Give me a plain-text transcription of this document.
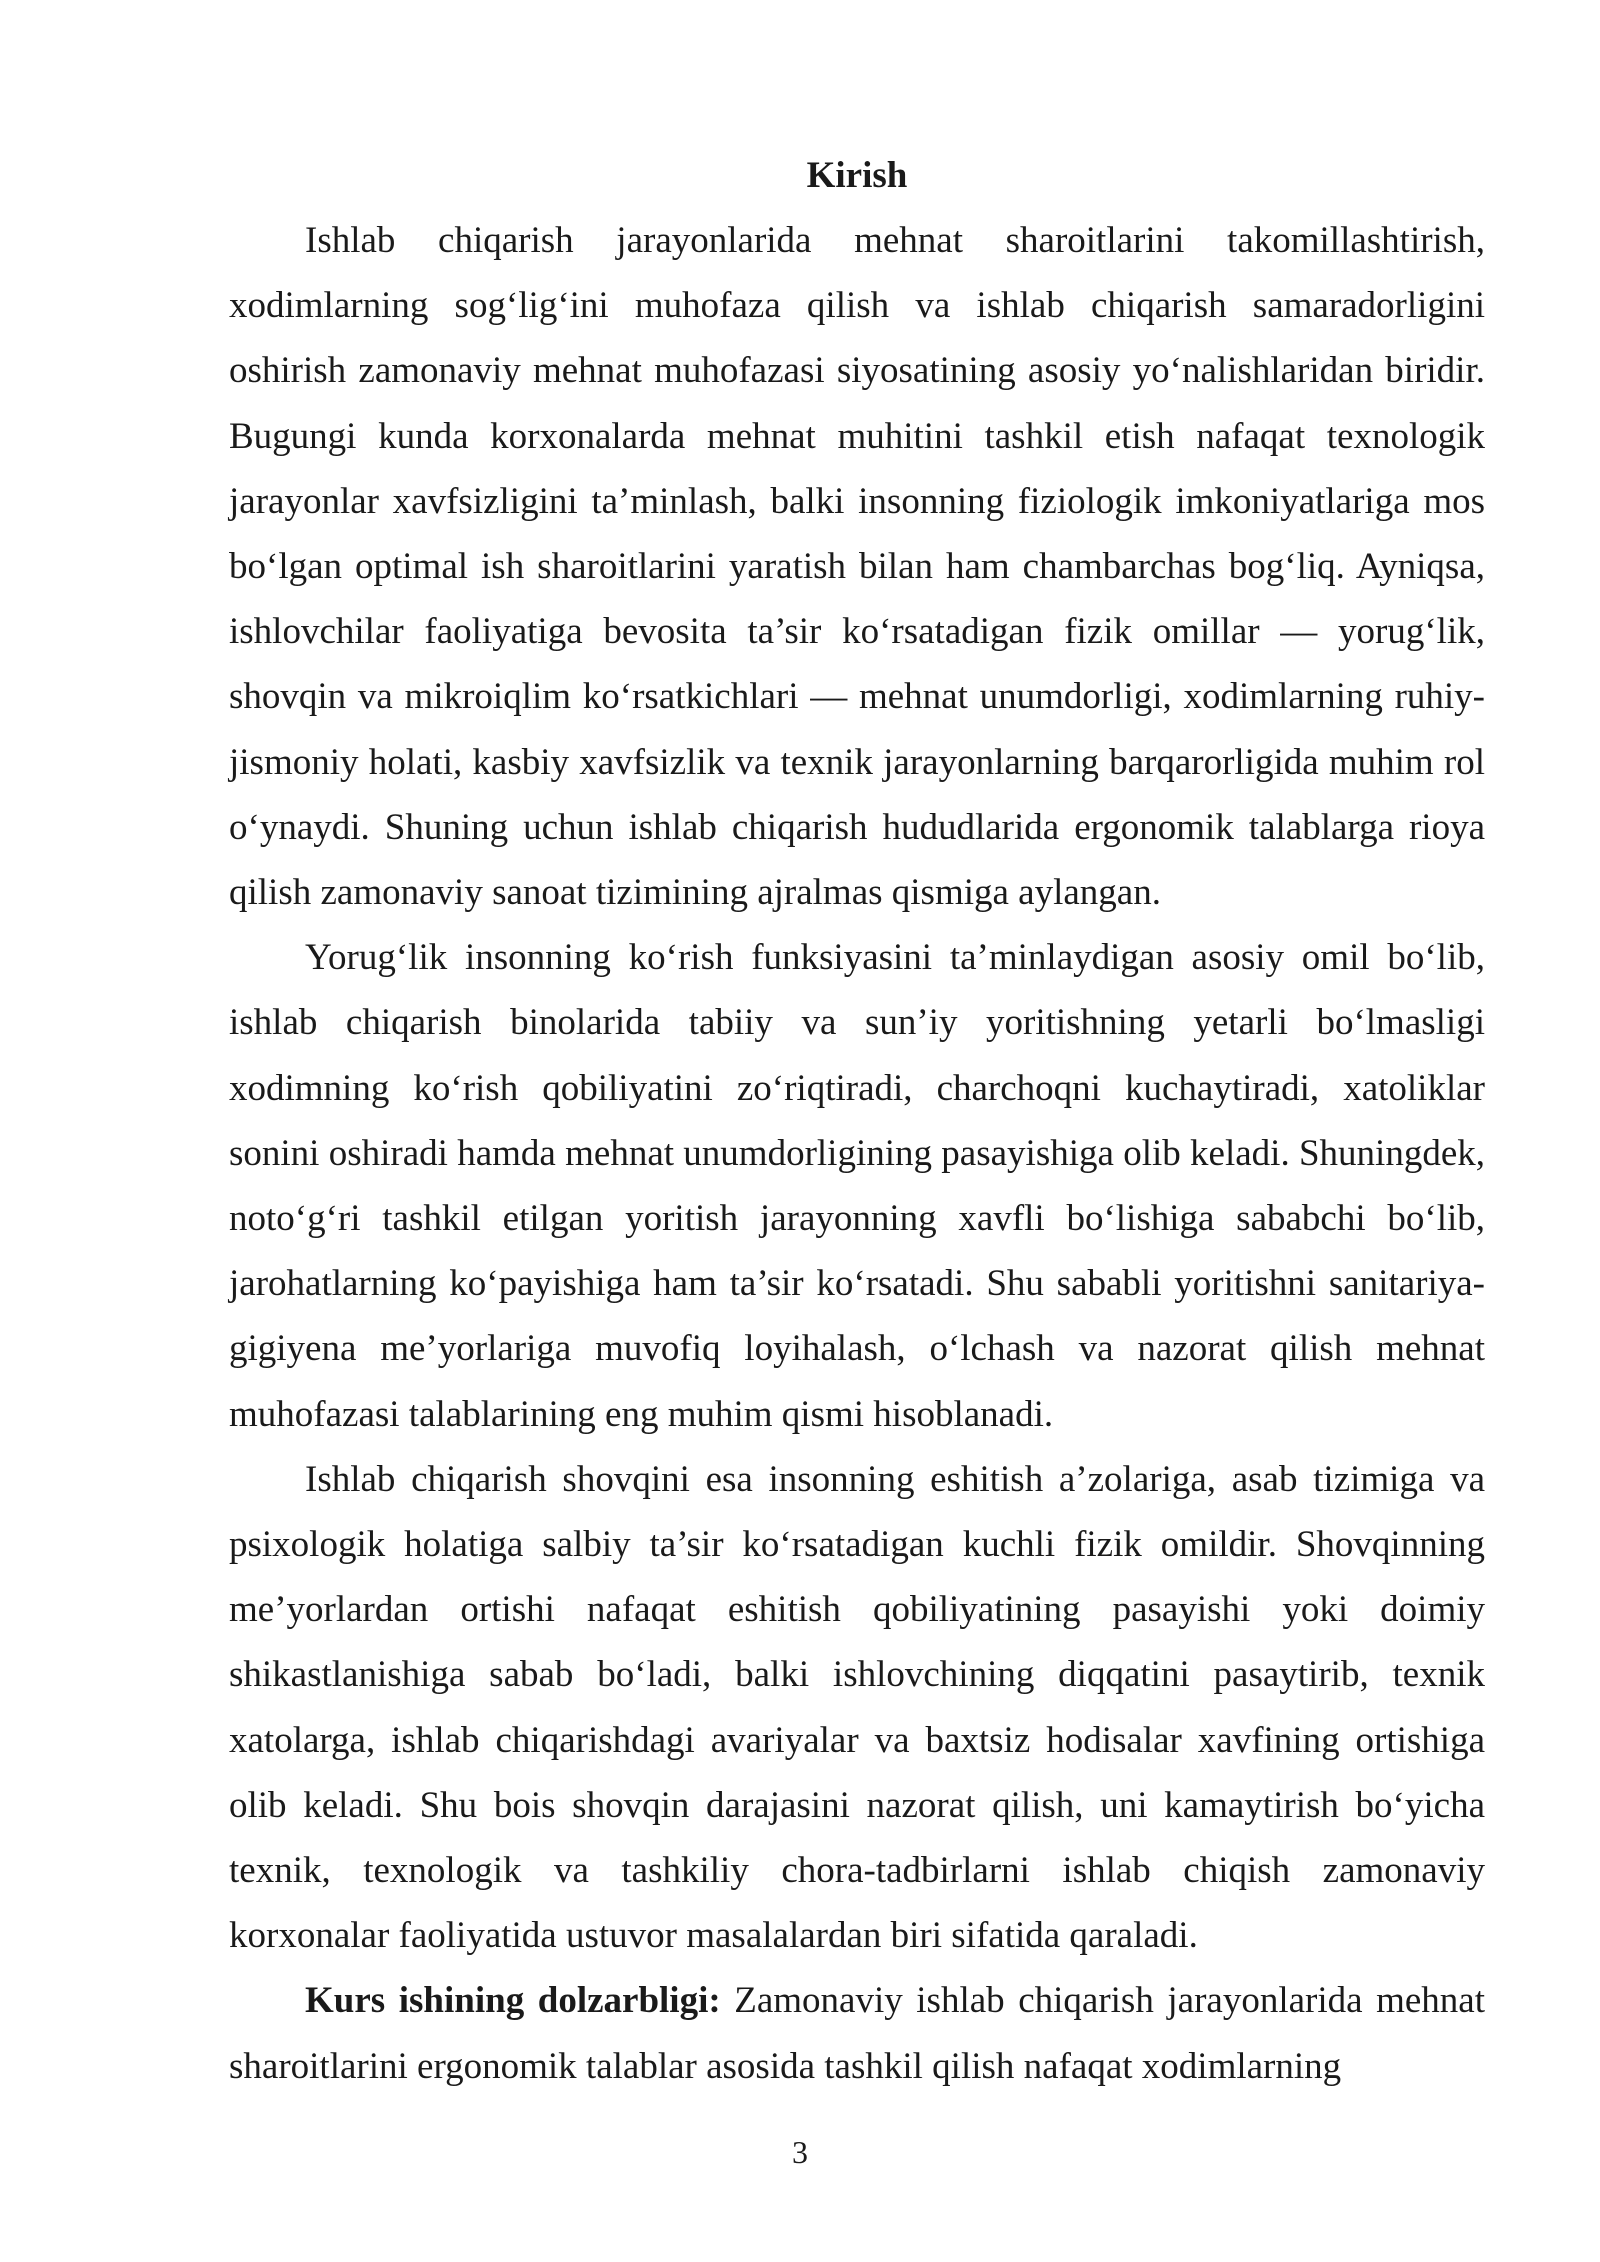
Kirish

Ishlab chiqarish jarayonlarida mehnat sharoitlarini takomillashtirish, xodimlarning sog‘lig‘ini muhofaza qilish va ishlab chiqarish samaradorligini oshirish zamonaviy mehnat muhofazasi siyosatining asosiy yo‘nalishlaridan biridir. Bugungi kunda korxonalarda mehnat muhitini tashkil etish nafaqat texnologik jarayonlar xavfsizligini ta’minlash, balki insonning fiziologik imkoniyatlariga mos bo‘lgan optimal ish sharoitlarini yaratish bilan ham chambarchas bog‘liq. Ayniqsa, ishlovchilar faoliyatiga bevosita ta’sir ko‘rsatadigan fizik omillar — yorug‘lik, shovqin va mikroiqlim ko‘rsatkichlari — mehnat unumdorligi, xodimlarning ruhiy-jismoniy holati, kasbiy xavfsizlik va texnik jarayonlarning barqarorligida muhim rol o‘ynaydi. Shuning uchun ishlab chiqarish hududlarida ergonomik talablarga rioya qilish zamonaviy sanoat tizimining ajralmas qismiga aylangan.

Yorug‘lik insonning ko‘rish funksiyasini ta’minlaydigan asosiy omil bo‘lib, ishlab chiqarish binolarida tabiiy va sun’iy yoritishning yetarli bo‘lmasligi xodimning ko‘rish qobiliyatini zo‘riqtiradi, charchoqni kuchaytiradi, xatoliklar sonini oshiradi hamda mehnat unumdorligining pasayishiga olib keladi. Shuningdek, noto‘g‘ri tashkil etilgan yoritish jarayonning xavfli bo‘lishiga sababchi bo‘lib, jarohatlarning ko‘payishiga ham ta’sir ko‘rsatadi. Shu sababli yoritishni sanitariya-gigiyena me’yorlariga muvofiq loyihalash, o‘lchash va nazorat qilish mehnat muhofazasi talablarining eng muhim qismi hisoblanadi.

Ishlab chiqarish shovqini esa insonning eshitish a’zolariga, asab tizimiga va psixologik holatiga salbiy ta’sir ko‘rsatadigan kuchli fizik omildir. Shovqinning me’yorlardan ortishi nafaqat eshitish qobiliyatining pasayishi yoki doimiy shikastlanishiga sabab bo‘ladi, balki ishlovchining diqqatini pasaytirib, texnik xatolarga, ishlab chiqarishdagi avariyalar va baxtsiz hodisalar xavfining ortishiga olib keladi. Shu bois shovqin darajasini nazorat qilish, uni kamaytirish bo‘yicha texnik, texnologik va tashkiliy chora-tadbirlarni ishlab chiqish zamonaviy korxonalar faoliyatida ustuvor masalalardan biri sifatida qaraladi.

Kurs ishining dolzarbligi: Zamonaviy ishlab chiqarish jarayonlarida mehnat sharoitlarini ergonomik talablar asosida tashkil qilish nafaqat xodimlarning

3
